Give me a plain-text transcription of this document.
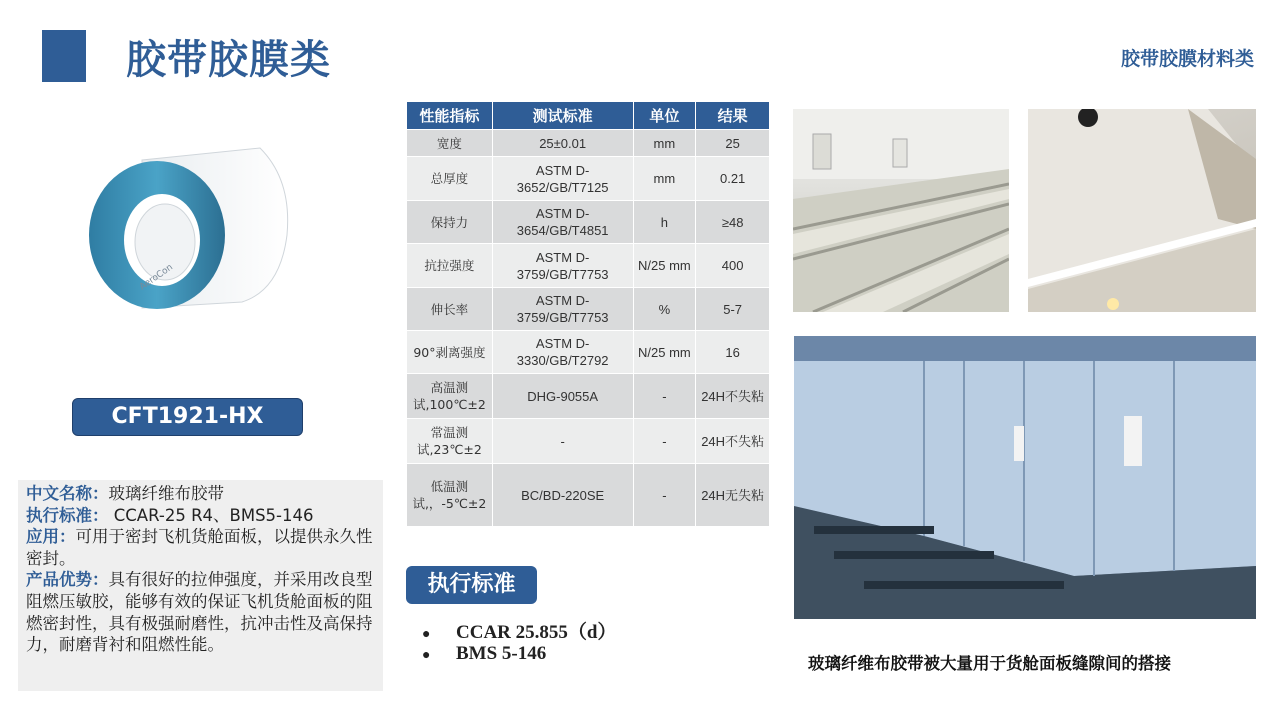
胶带胶膜类	胶带胶膜材料类
AeroCon
CFT1921-HX
中文名称：玻璃纤维布胶带
执行标准： CCAR-25 R4、BMS5-146
应用：可用于密封飞机货舱面板，以提供永久性密封。
产品优势：具有很好的拉伸强度，并采用改良型阻燃压敏胶，能够有效的保证飞机货舱面板的阻燃密封性，具有极强耐磨性，抗冲击性及高保持力，耐磨背衬和阻燃性能。
性能指标	测试标准	单位	结果
宽度	25±0.01	mm	25
总厚度	ASTM D-3652/GB/T7125	mm	0.21
保持力	ASTM D-3654/GB/T4851	h	≥48
抗拉强度	ASTM D-3759/GB/T7753	N/25 mm	400
伸长率	ASTM D-3759/GB/T7753	%	5-7
90°剥离强度	ASTM D-3330/GB/T2792	N/25 mm	16
高温测试,100℃±2	DHG-9055A	-	24H不失粘
常温测试,23℃±2	-	-	24H不失粘
低温测试,，-5℃±2	BC/BD-220SE	-	24H无失粘
执行标准
● CCAR 25.855（d）
● BMS 5-146	玻璃纤维布胶带被大量用于货舱面板缝隙间的搭接
